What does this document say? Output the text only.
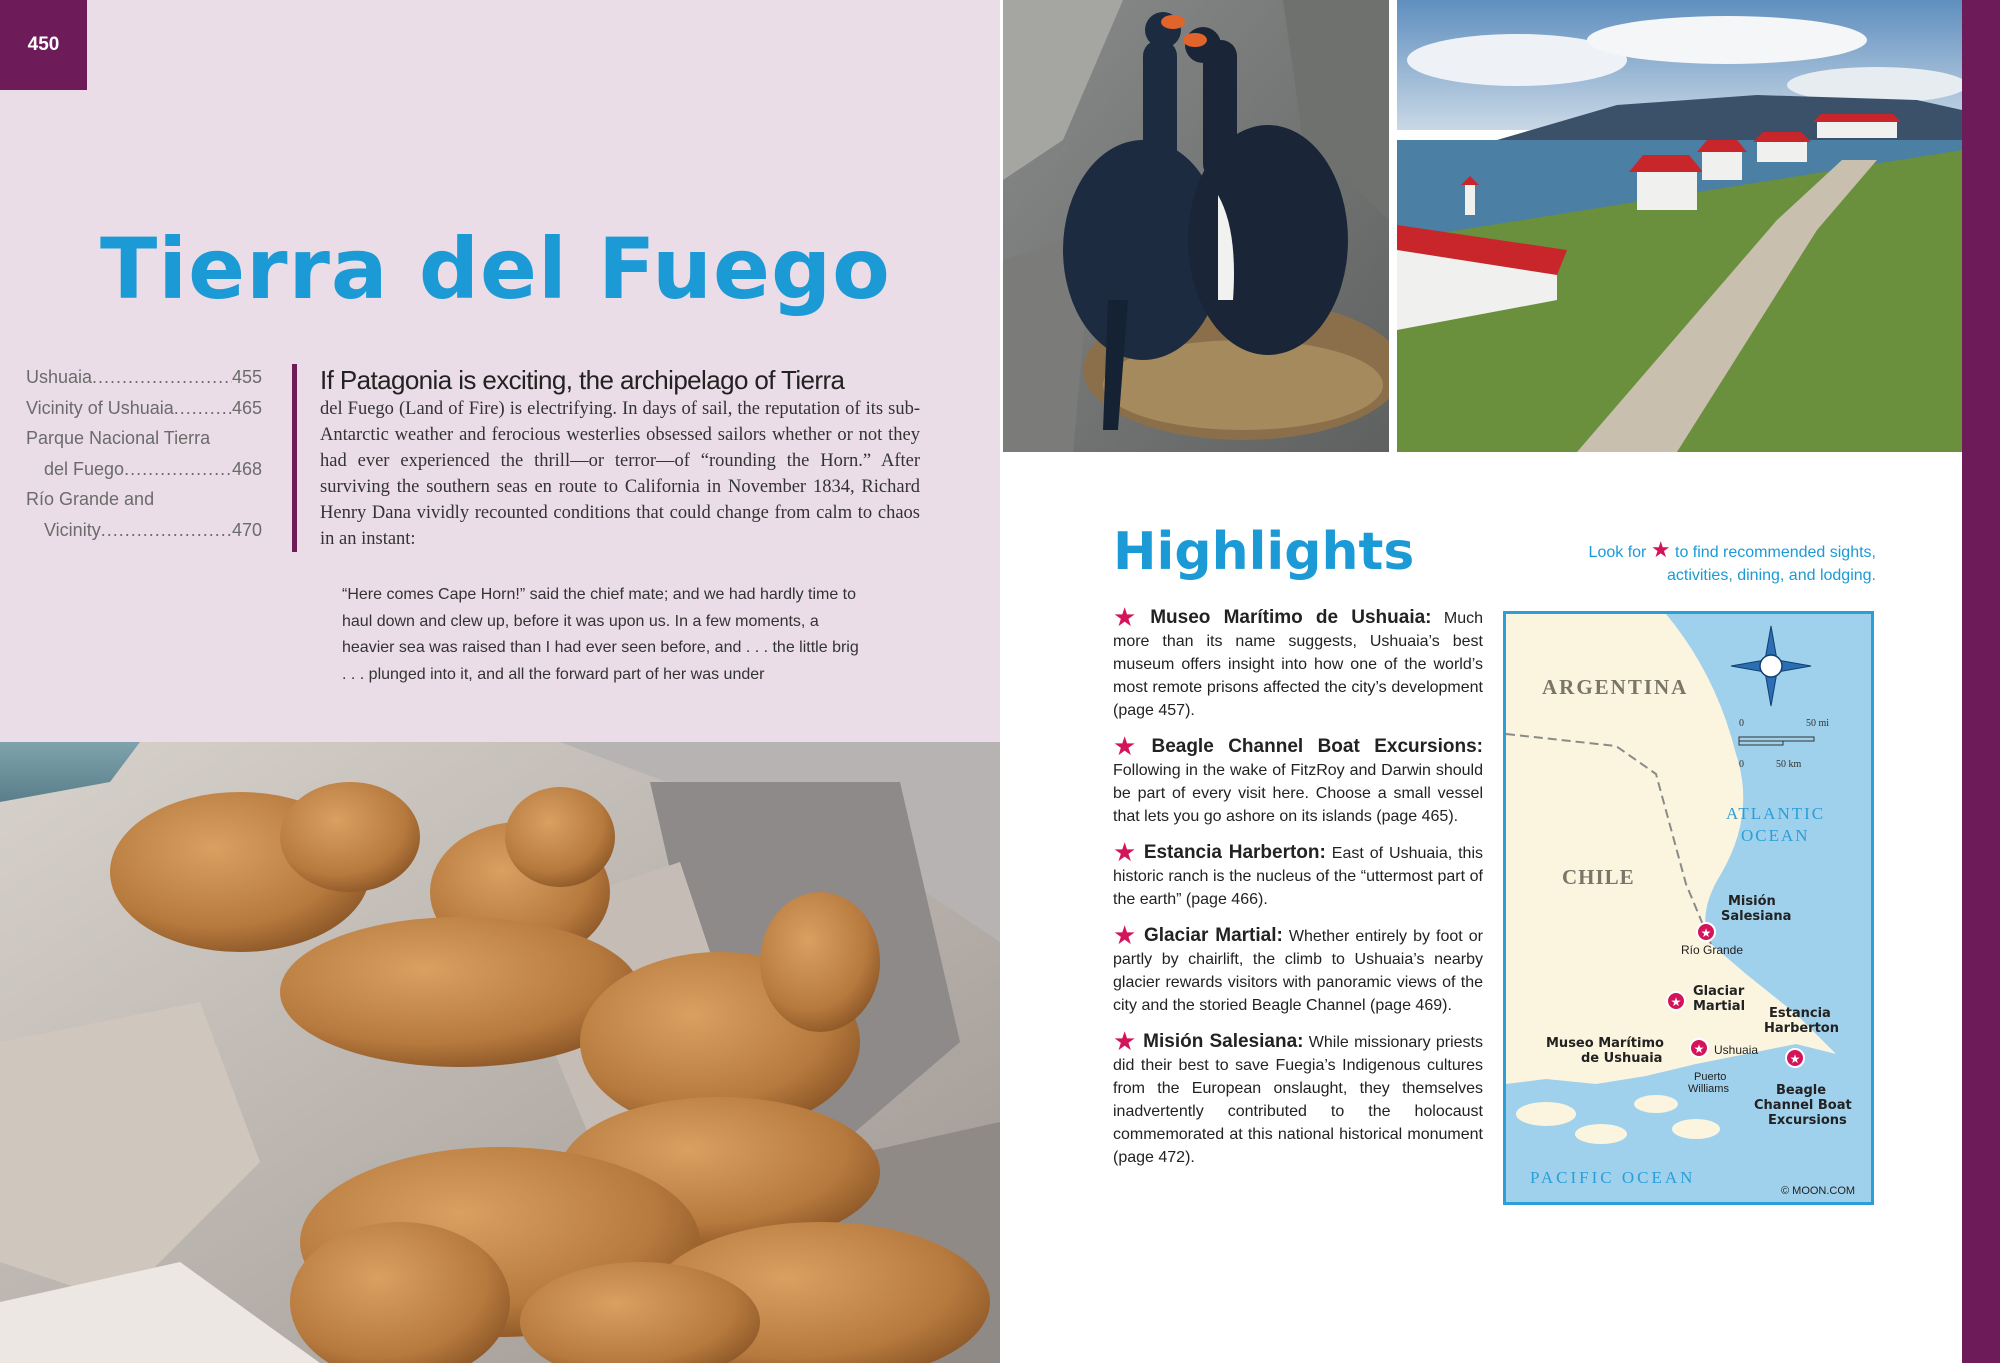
450
Tierra del Fuego
Ushuaia .....	455
Vicinity of Ushuaia .....	465
Parque Nacional Tierra
del Fuego .....	468
Río Grande and
Vicinity .....	470
If Patagonia is exciting, the archipelago of Tierra
del Fuego (Land of Fire) is electrifying. In days of sail, the reputation of its sub-Antarctic weather and ferocious westerlies obsessed sailors whether or not they had ever experienced the thrill—or terror—of “rounding the Horn.” After surviving the southern seas en route to California in November 1834, Richard Henry Dana vividly recounted conditions that could change from calm to chaos in an instant:
“Here comes Cape Horn!” said the chief mate; and we had hardly time to haul down and clew up, before it was upon us. In a few moments, a heavier sea was raised than I had ever seen before, and . . . the little brig . . . plunged into it, and all the forward part of her was under
Highlights	Look for ★ to find recommended sights, activities, dining, and lodging.
★ Museo Marítimo de Ushuaia: Much more than its name suggests, Ushuaia’s best museum offers insight into how one of the world’s most remote prisons affected the city’s development (page 457).
★ Beagle Channel Boat Excursions: Following in the wake of FitzRoy and Darwin should be part of every visit here. Choose a small vessel that lets you go ashore on its islands (page 465).
★ Estancia Harberton: East of Ushuaia, this historic ranch is the nucleus of the “uttermost part of the earth” (page 466).
★ Glaciar Martial: Whether entirely by foot or partly by chairlift, the climb to Ushuaia’s nearby glacier rewards visitors with panoramic views of the city and the storied Beagle Channel (page 469).
★ Misión Salesiana: While missionary priests did their best to save Fuegia’s Indigenous cultures from the European onslaught, they themselves inadvertently contributed to the holocaust commemorated at this national historical monument (page 472).
0	50 mi
0	50 km
ARGENTINA
CHILE
ATLANTIC
OCEAN
PACIFIC OCEAN
Misión
Salesiana
Glaciar
Martial Estancia
Harberton
Museo Marítimo
de Ushuaia
Beagle
Channel Boat
Excursions
Río Grande
Ushuaia
Puerto
Williams
© MOON.COM
★
★
★
★
